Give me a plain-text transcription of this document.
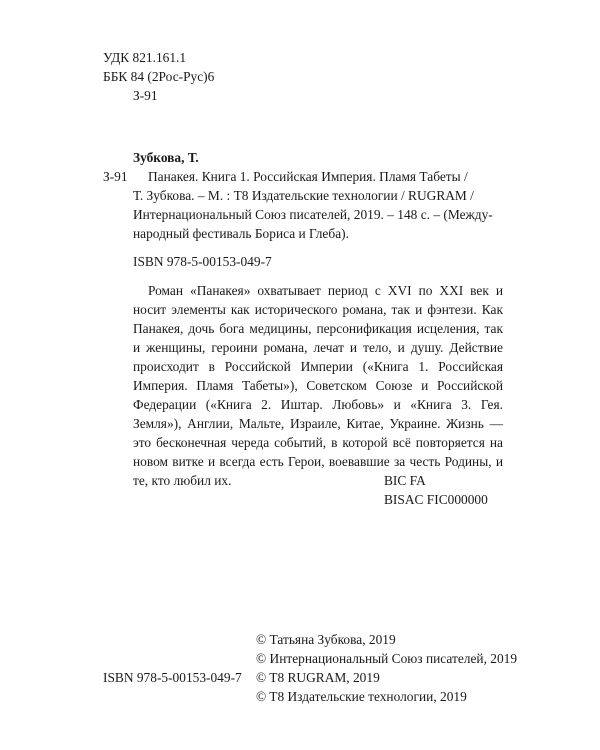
УДК 821.161.1
ББК 84 (2Рос-Рус)6
З-91
Зубкова, Т.
З-91	Панакея. Книга 1. Российская Империя. Пламя Табеты /
Т. Зубкова. – М. : T8 Издательские технологии / RUGRAM /
Интернациональный Союз писателей, 2019. – 148 с. – (Между-
народный фестиваль Бориса и Глеба).
ISBN 978-5-00153-049-7
Роман «Панакея» охватывает период с XVI по XXI век и
носит элементы как исторического романа, так и фэнтези. Как
Панакея, дочь бога медицины, персонификация исцеления, так
и женщины, героини романа, лечат и тело, и душу. Действие
происходит в Российской Империи («Книга 1. Российская
Империя. Пламя Табеты»), Советском Союзе и Российской
Федерации («Книга 2. Иштар. Любовь» и «Книга 3. Гея.
Земля»), Англии, Мальте, Израиле, Китае, Украине. Жизнь —
это бесконечная череда событий, в которой всё повторяется на
новом витке и всегда есть Герои, воевавшие за честь Родины, и
те, кто любил их.	BIC FA
BISAC FIC000000
© Татьяна Зубкова, 2019
© Интернациональный Союз писателей, 2019
© T8 RUGRAM, 2019
© T8 Издательские технологии, 2019
ISBN 978-5-00153-049-7
